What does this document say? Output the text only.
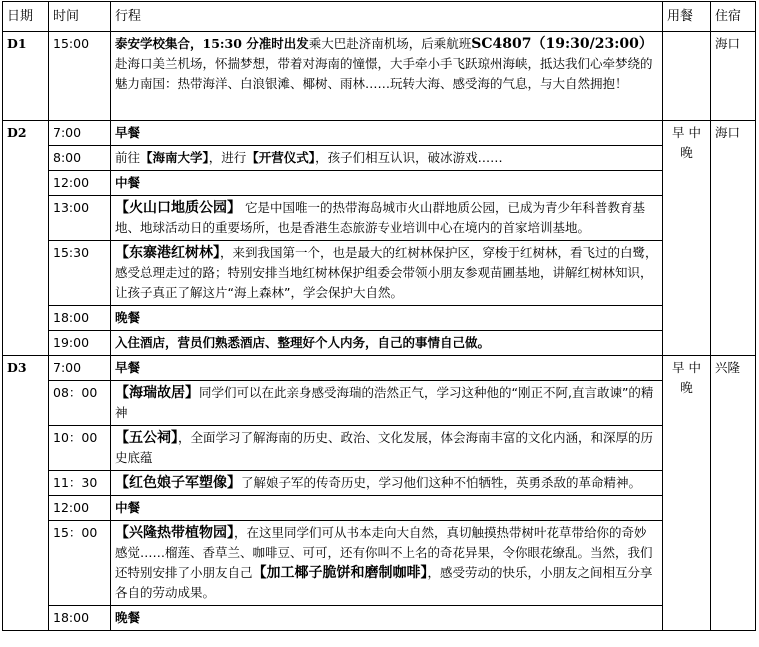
日期	时间	行程	用餐	住宿
D1	15:00	泰安学校集合，15:30 分准时出发乘大巴赴济南机场，后乘航班SC4807（19:30/23:00）赴海口美兰机场，怀揣梦想，带着对海南的憧憬，大手牵小手飞跃琼州海峡，抵达我们心牵梦绕的魅力南国：热带海洋、白浪银滩、椰树、雨林……玩转大海、感受海的气息，与大自然拥抱！		海口
D2	7:00	早餐	早 中 晚	海口
	8:00	前往【海南大学】，进行【开营仪式】，孩子们相互认识，破冰游戏……		
	12:00	中餐		
	13:00	【火山口地质公园】 它是中国唯一的热带海岛城市火山群地质公园，已成为青少年科普教育基地、地球活动日的重要场所，也是香港生态旅游专业培训中心在境内的首家培训基地。		
	15:30	【东寨港红树林】，来到我国第一个，也是最大的红树林保护区，穿梭于红树林，看飞过的白鹭，感受总理走过的路；特别安排当地红树林保护组委会带领小朋友参观苗圃基地，讲解红树林知识，让孩子真正了解这片“海上森林”，学会保护大自然。		
	18:00	晚餐		
	19:00	入住酒店，营员们熟悉酒店、整理好个人内务，自己的事情自己做。		
D3	7:00	早餐	早 中 晚	兴隆
	08：00	【海瑞故居】同学们可以在此亲身感受海瑞的浩然正气，学习这种他的“刚正不阿,直言敢谏”的精神		
	10：00	【五公祠】，全面学习了解海南的历史、政治、文化发展，体会海南丰富的文化内涵，和深厚的历史底蕴		
	11：30	【红色娘子军塑像】了解娘子军的传奇历史，学习他们这种不怕牺牲，英勇杀敌的革命精神。		
	12:00	中餐		
	15：00	【兴隆热带植物园】，在这里同学们可从书本走向大自然，真切触摸热带树叶花草带给你的奇妙感觉……榴莲、香草兰、咖啡豆、可可，还有你叫不上名的奇花异果，令你眼花缭乱。当然，我们还特别安排了小朋友自己【加工椰子脆饼和磨制咖啡】，感受劳动的快乐，小朋友之间相互分享各自的劳动成果。		
	18:00	晚餐		
